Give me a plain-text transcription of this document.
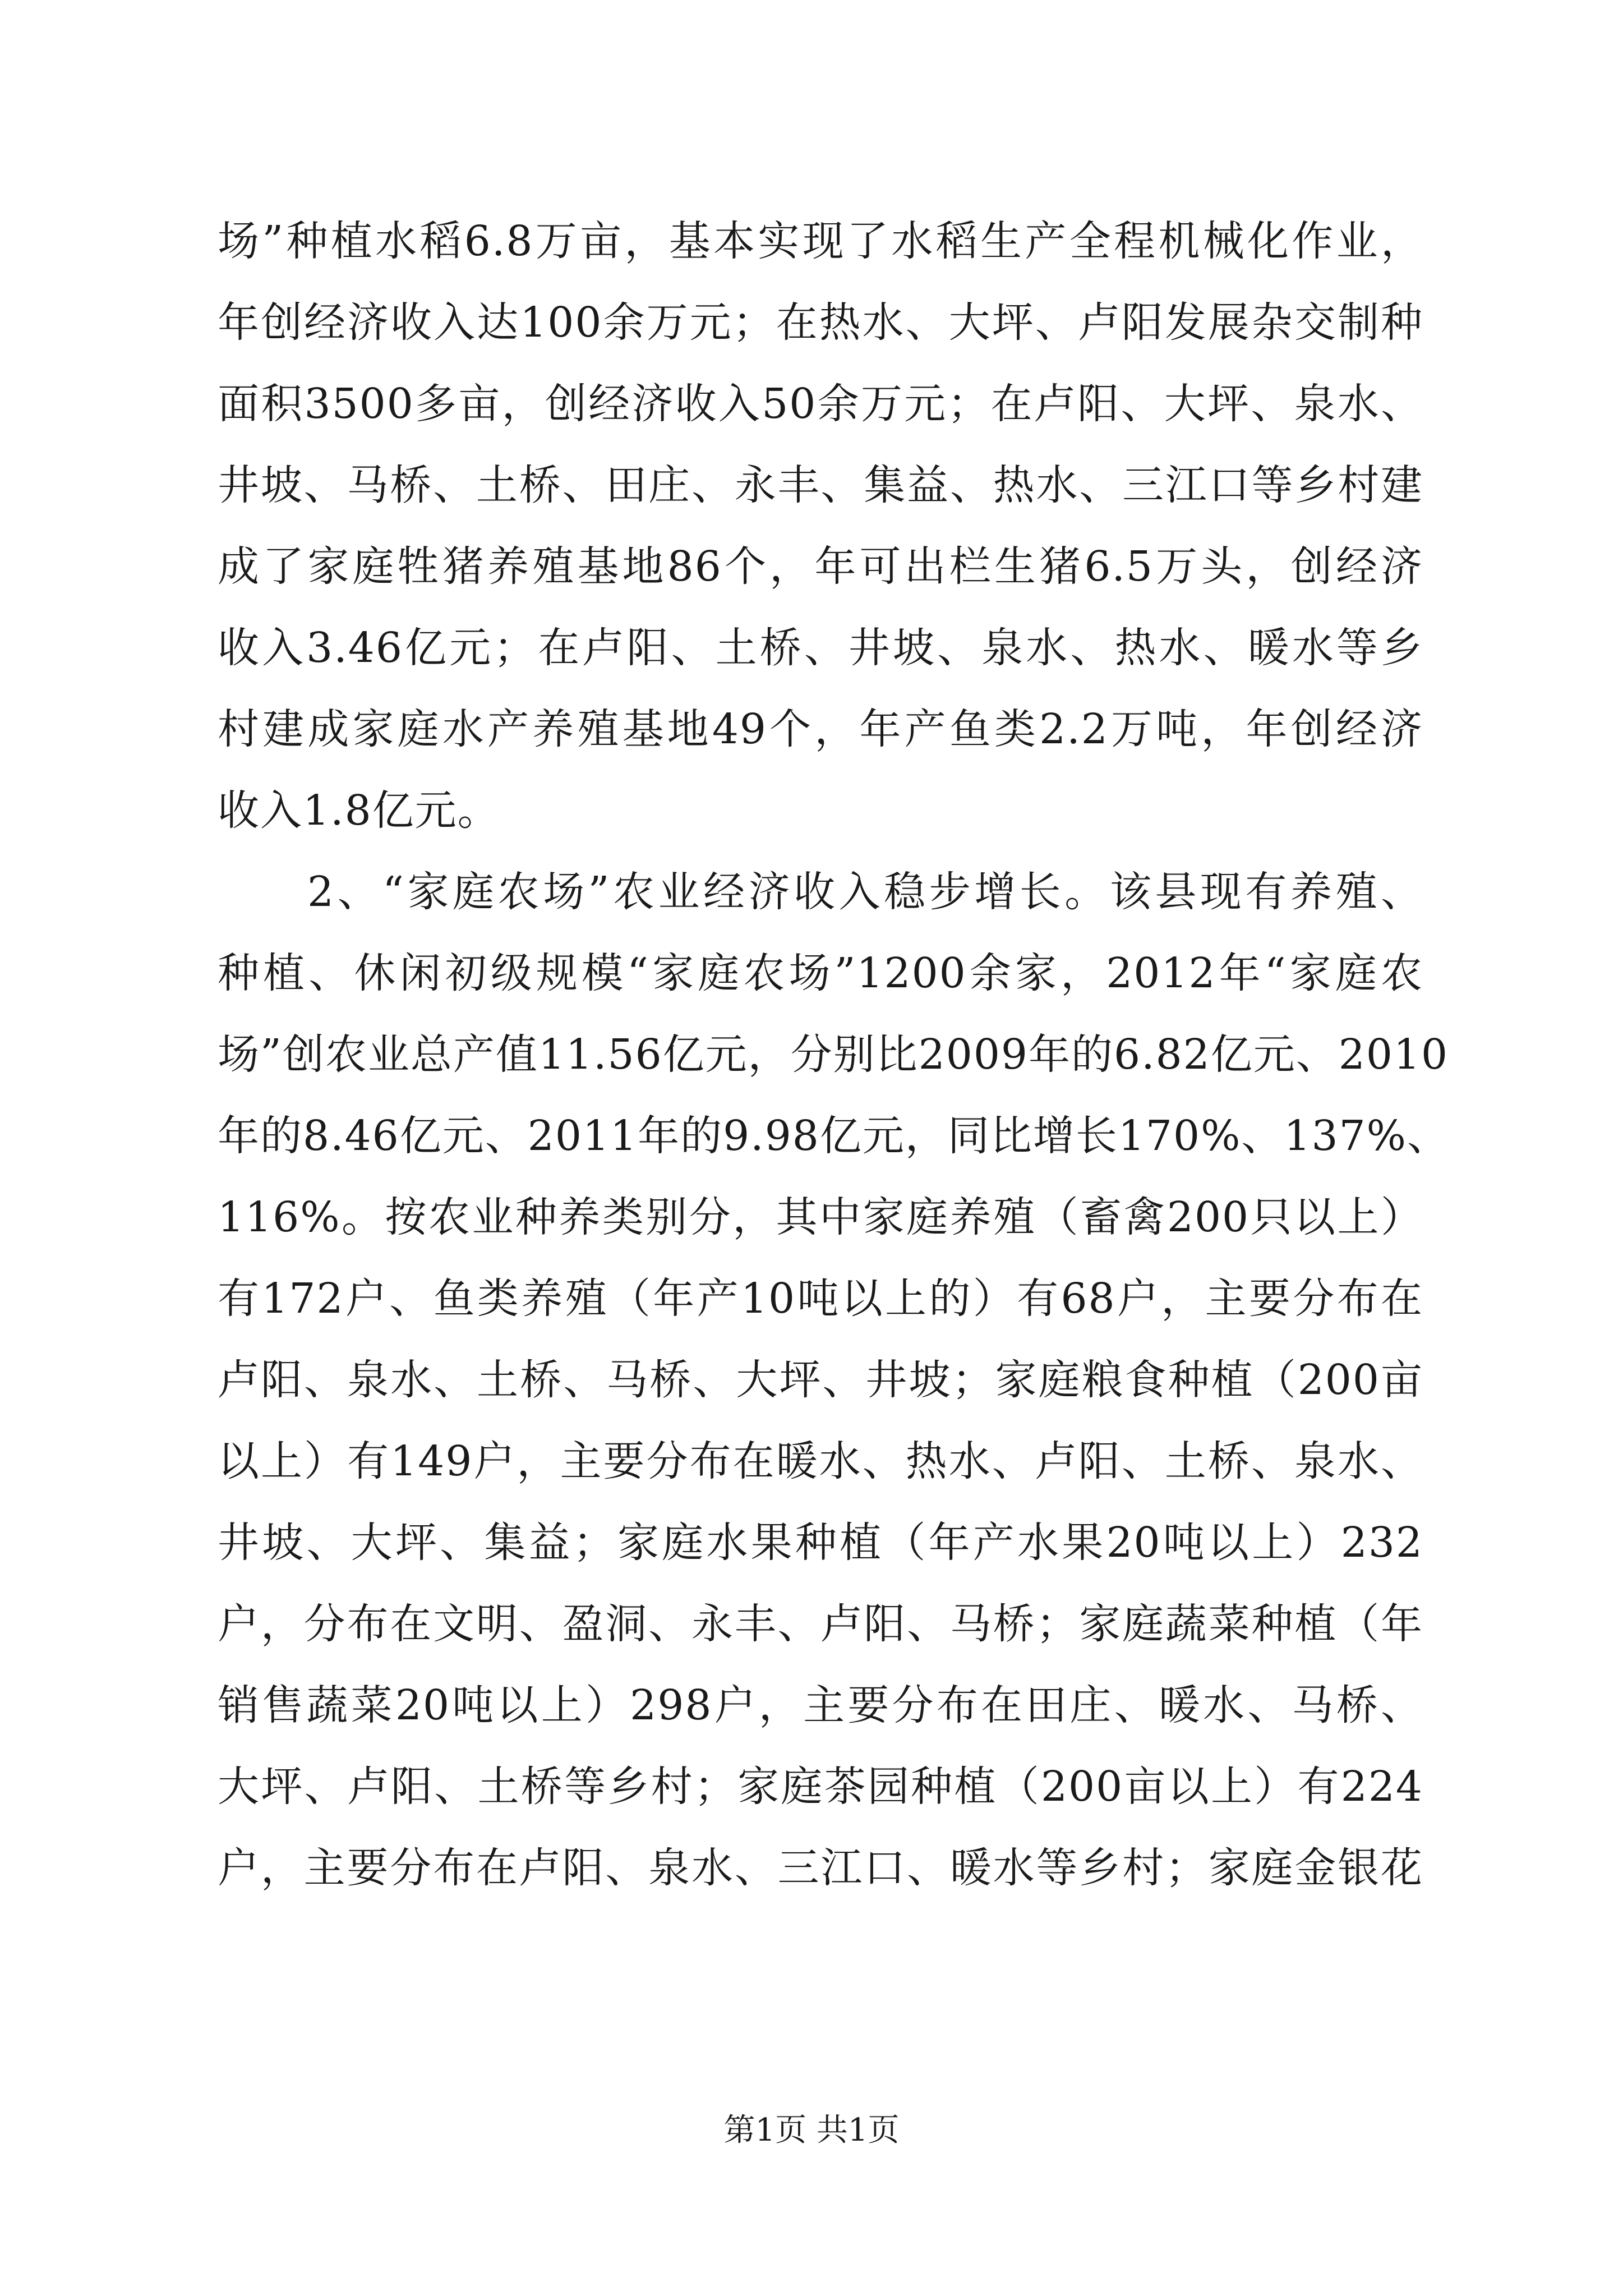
场”种植水稻6.8万亩，基本实现了水稻生产全程机械化作业，
年创经济收入达100余万元；在热水、大坪、卢阳发展杂交制种
面积3500多亩，创经济收入50余万元；在卢阳、大坪、泉水、
井坡、马桥、土桥、田庄、永丰、集益、热水、三江口等乡村建
成了家庭牲猪养殖基地86个，年可出栏生猪6.5万头，创经济
收入3.46亿元；在卢阳、土桥、井坡、泉水、热水、暖水等乡
村建成家庭水产养殖基地49个，年产鱼类2.2万吨，年创经济
收入1.8亿元。
2、“家庭农场”农业经济收入稳步增长。该县现有养殖、
种植、休闲初级规模“家庭农场”1200余家，2012年“家庭农
场”创农业总产值11.56亿元，分别比2009年的6.82亿元、2010
年的8.46亿元、2011年的9.98亿元，同比增长170%、137%、
116%。按农业种养类别分，其中家庭养殖（畜禽200只以上）
有172户、鱼类养殖（年产10吨以上的）有68户，主要分布在
卢阳、泉水、土桥、马桥、大坪、井坡；家庭粮食种植（200亩
以上）有149户，主要分布在暖水、热水、卢阳、土桥、泉水、
井坡、大坪、集益；家庭水果种植（年产水果20吨以上）232
户，分布在文明、盈洞、永丰、卢阳、马桥；家庭蔬菜种植（年
销售蔬菜20吨以上）298户，主要分布在田庄、暖水、马桥、
大坪、卢阳、土桥等乡村；家庭茶园种植（200亩以上）有224
户，主要分布在卢阳、泉水、三江口、暖水等乡村；家庭金银花
第1页 共1页
